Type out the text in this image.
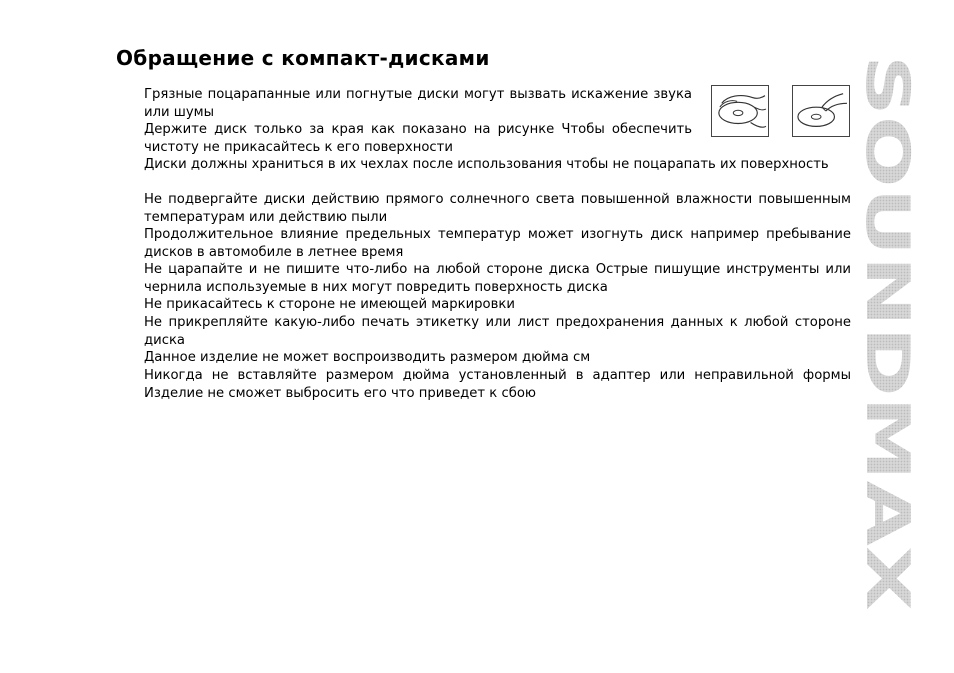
Обращение с компакт-дисками
Грязные поцарапанные или погнутые диски могут вызвать искажение звука или шумы
Держите диск только за края как показано на рисунке Чтобы обеспечить чистоту не прикасайтесь к его поверхности
Диски должны храниться в их чехлах после использования чтобы не поцарапать их поверхность
Не подвергайте диски действию прямого солнечного света повышенной влажности повышенным температурам или действию пыли
Продолжительное влияние предельных температур может изогнуть диск например пребывание дисков в автомобиле в летнее время
Не царапайте и не пишите что-либо на любой стороне диска Острые пишущие инструменты или чернила используемые в них могут повредить поверхность диска
Не прикасайтесь к стороне не имеющей маркировки
Не прикрепляйте какую-либо печать этикетку или лист предохранения данных к любой стороне диска
Данное изделие не может воспроизводить размером дюйма см
Никогда не вставляйте размером дюйма установленный в адаптер или неправильной формы Изделие не сможет выбросить его что приведет к сбою	SOUNDMAX
